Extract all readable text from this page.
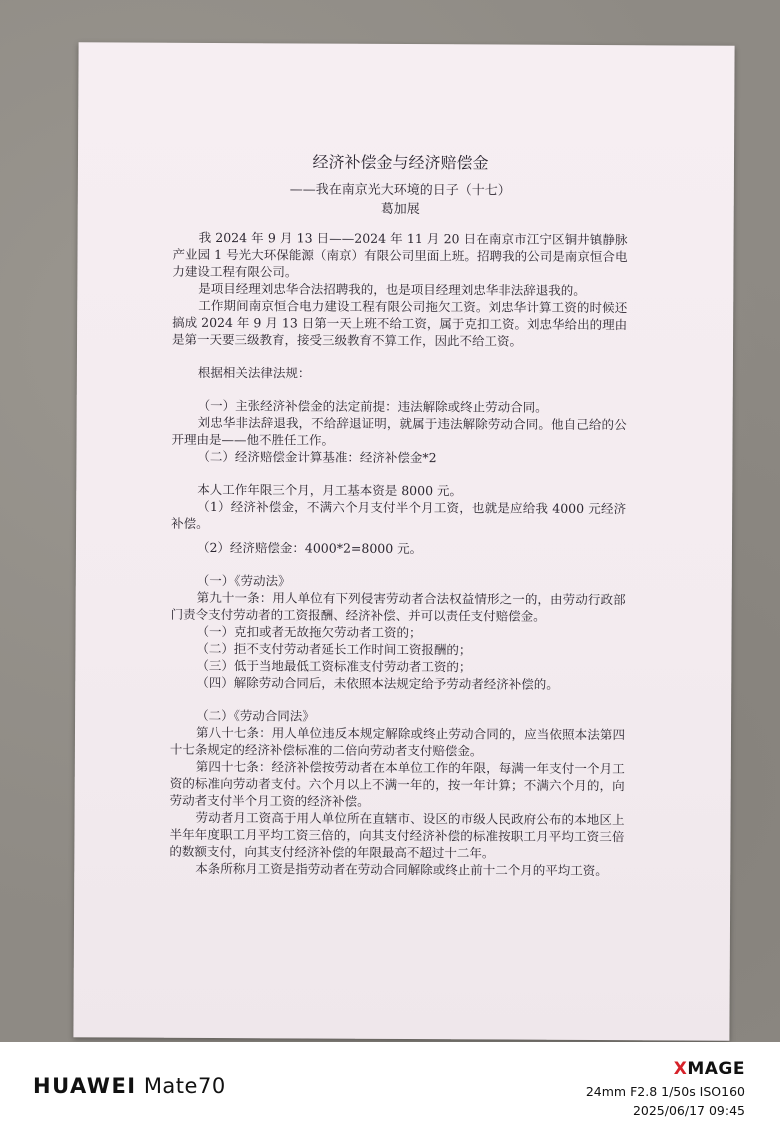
经济补偿金与经济赔偿金
——我在南京光大环境的日子（十七）
葛加展

我 2024 年 9 月 13 日——2024 年 11 月 20 日在南京市江宁区铜井镇静脉产业园 1 号光大环保能源（南京）有限公司里面上班。招聘我的公司是南京恒合电力建设工程有限公司。

是项目经理刘忠华合法招聘我的，也是项目经理刘忠华非法辞退我的。

工作期间南京恒合电力建设工程有限公司拖欠工资。刘忠华计算工资的时候还搞成 2024 年 9 月 13 日第一天上班不给工资，属于克扣工资。刘忠华给出的理由是第一天要三级教育，接受三级教育不算工作，因此不给工资。

根据相关法律法规：

（一）主张经济补偿金的法定前提：违法解除或终止劳动合同。

刘忠华非法辞退我，不给辞退证明，就属于违法解除劳动合同。他自己给的公开理由是——他不胜任工作。

（二）经济赔偿金计算基准：经济补偿金*2

本人工作年限三个月，月工基本资是 8000 元。

（1）经济补偿金，不满六个月支付半个月工资，也就是应给我 4000 元经济补偿。

（2）经济赔偿金：4000*2=8000 元。

（一）《劳动法》

第九十一条：用人单位有下列侵害劳动者合法权益情形之一的，由劳动行政部门责令支付劳动者的工资报酬、经济补偿、并可以责任支付赔偿金。

（一）克扣或者无故拖欠劳动者工资的；

（二）拒不支付劳动者延长工作时间工资报酬的；

（三）低于当地最低工资标准支付劳动者工资的；

（四）解除劳动合同后，未依照本法规定给予劳动者经济补偿的。

（二）《劳动合同法》

第八十七条：用人单位违反本规定解除或终止劳动合同的，应当依照本法第四十七条规定的经济补偿标准的二倍向劳动者支付赔偿金。

第四十七条：经济补偿按劳动者在本单位工作的年限，每满一年支付一个月工资的标准向劳动者支付。六个月以上不满一年的，按一年计算；不满六个月的，向劳动者支付半个月工资的经济补偿。

劳动者月工资高于用人单位所在直辖市、设区的市级人民政府公布的本地区上半年年度职工月平均工资三倍的，向其支付经济补偿的标准按职工月平均工资三倍的数额支付，向其支付经济补偿的年限最高不超过十二年。

本条所称月工资是指劳动者在劳动合同解除或终止前十二个月的平均工资。

HUAWEI Mate70
XMAGE
24mm F2.8 1/50s ISO160
2025/06/17 09:45
